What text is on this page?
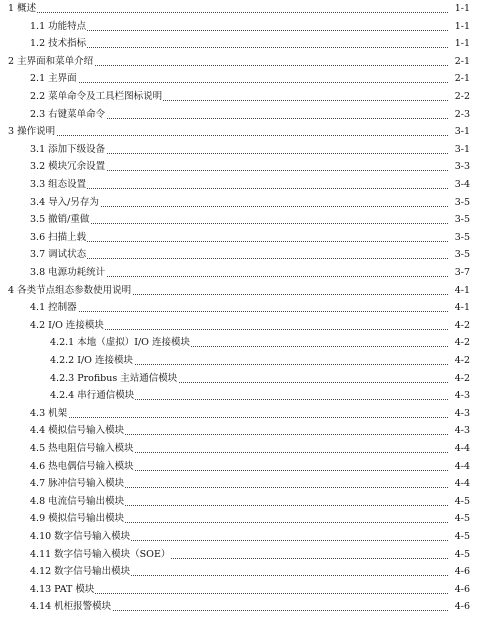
1 概述	1-1
1.1 功能特点	1-1
1.2 技术指标	1-1
2 主界面和菜单介绍	2-1
2.1 主界面	2-1
2.2 菜单命令及工具栏图标说明	2-2
2.3 右键菜单命令	2-3
3 操作说明	3-1
3.1 添加下级设备	3-1
3.2 模块冗余设置	3-3
3.3 组态设置	3-4
3.4 导入/另存为	3-5
3.5 撤销/重做	3-5
3.6 扫描上载	3-5
3.7 调试状态	3-5
3.8 电源功耗统计	3-7
4 各类节点组态参数使用说明	4-1
4.1 控制器	4-1
4.2 I/O 连接模块	4-2
4.2.1 本地（虚拟）I/O 连接模块	4-2
4.2.2 I/O 连接模块	4-2
4.2.3 Profibus 主站通信模块	4-2
4.2.4 串行通信模块	4-3
4.3 机架	4-3
4.4 模拟信号输入模块	4-3
4.5 热电阻信号输入模块	4-4
4.6 热电偶信号输入模块	4-4
4.7 脉冲信号输入模块	4-4
4.8 电流信号输出模块	4-5
4.9 模拟信号输出模块	4-5
4.10 数字信号输入模块	4-5
4.11 数字信号输入模块（SOE）	4-5
4.12 数字信号输出模块	4-6
4.13 PAT 模块	4-6
4.14 机柜报警模块	4-6
